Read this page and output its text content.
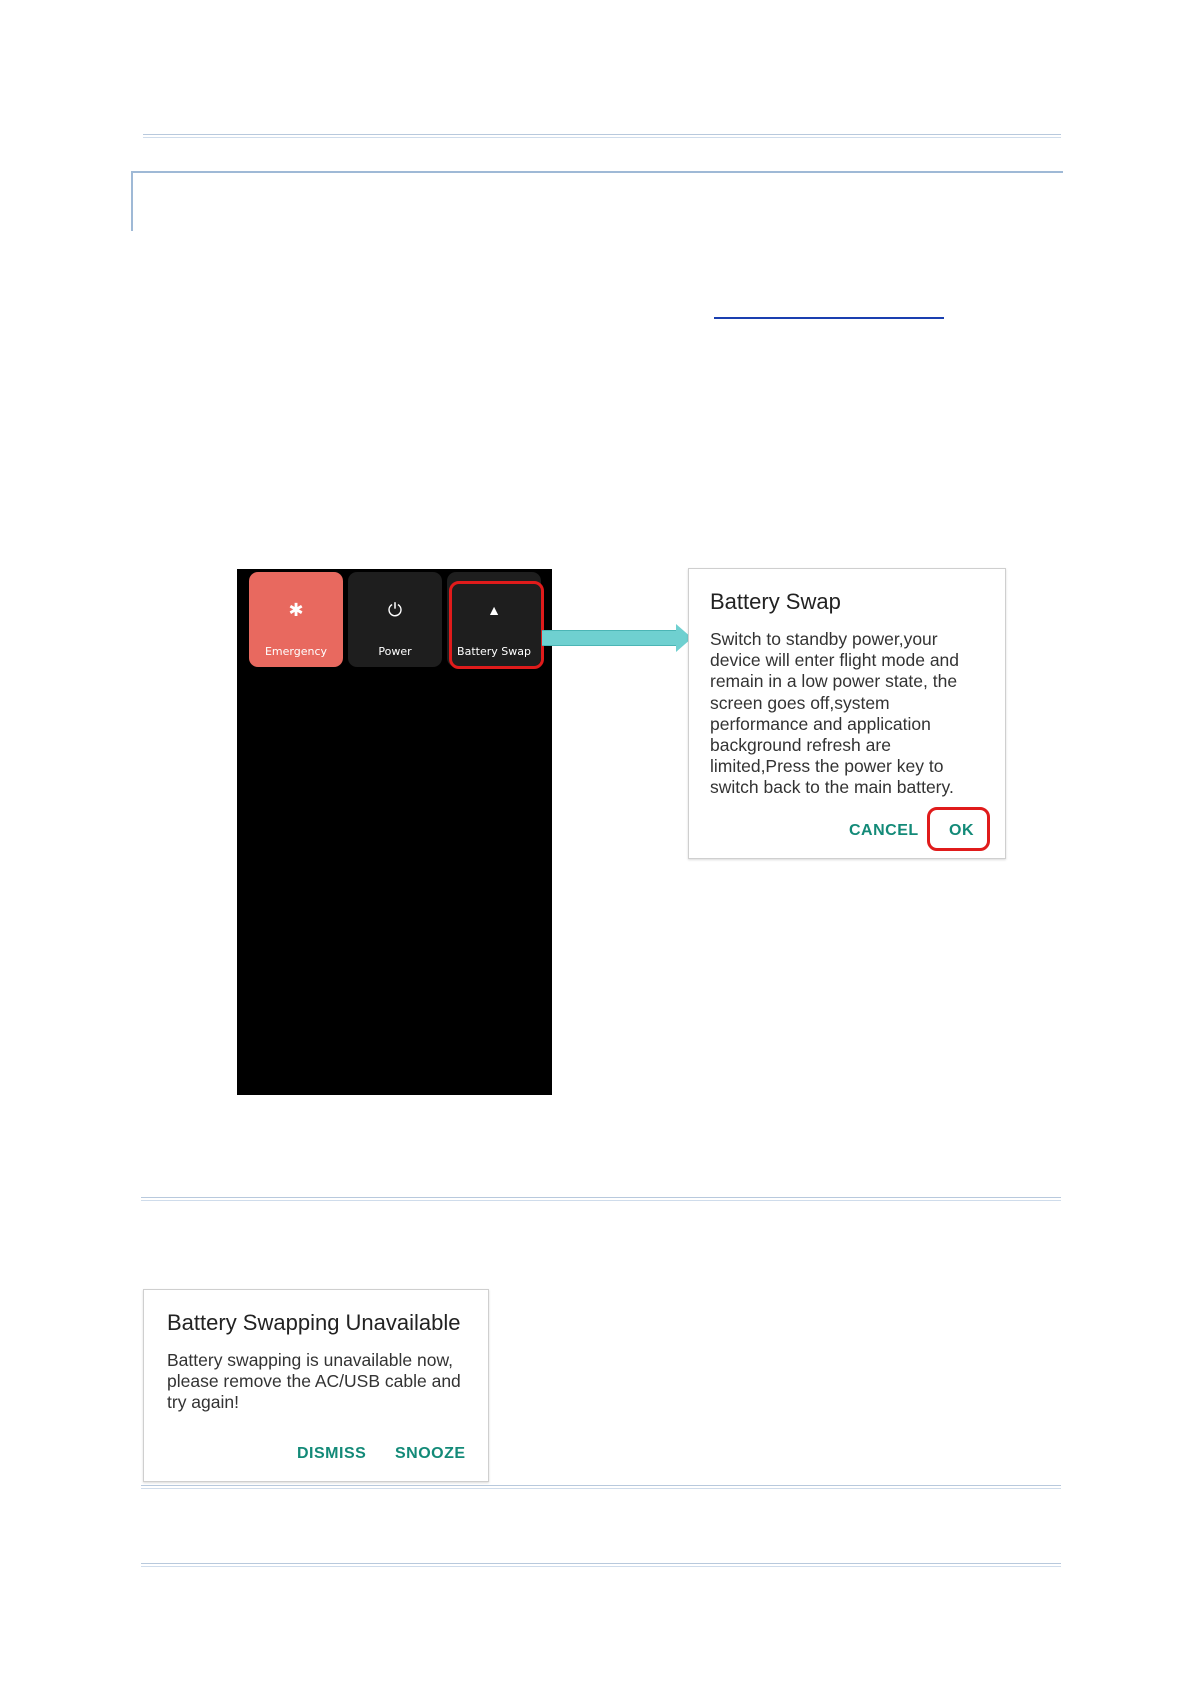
✱
Emergency
⏻
Power
▲
Battery Swap
Battery Swap
Switch to standby power,your device will enter flight mode and remain in a low power state, the screen goes off,system performance and application background refresh are limited,Press the power key to switch back to the main battery.
CANCEL OK
Battery Swapping Unavailable
Battery swapping is unavailable now, please remove the AC/USB cable and try again!
DISMISS SNOOZE
